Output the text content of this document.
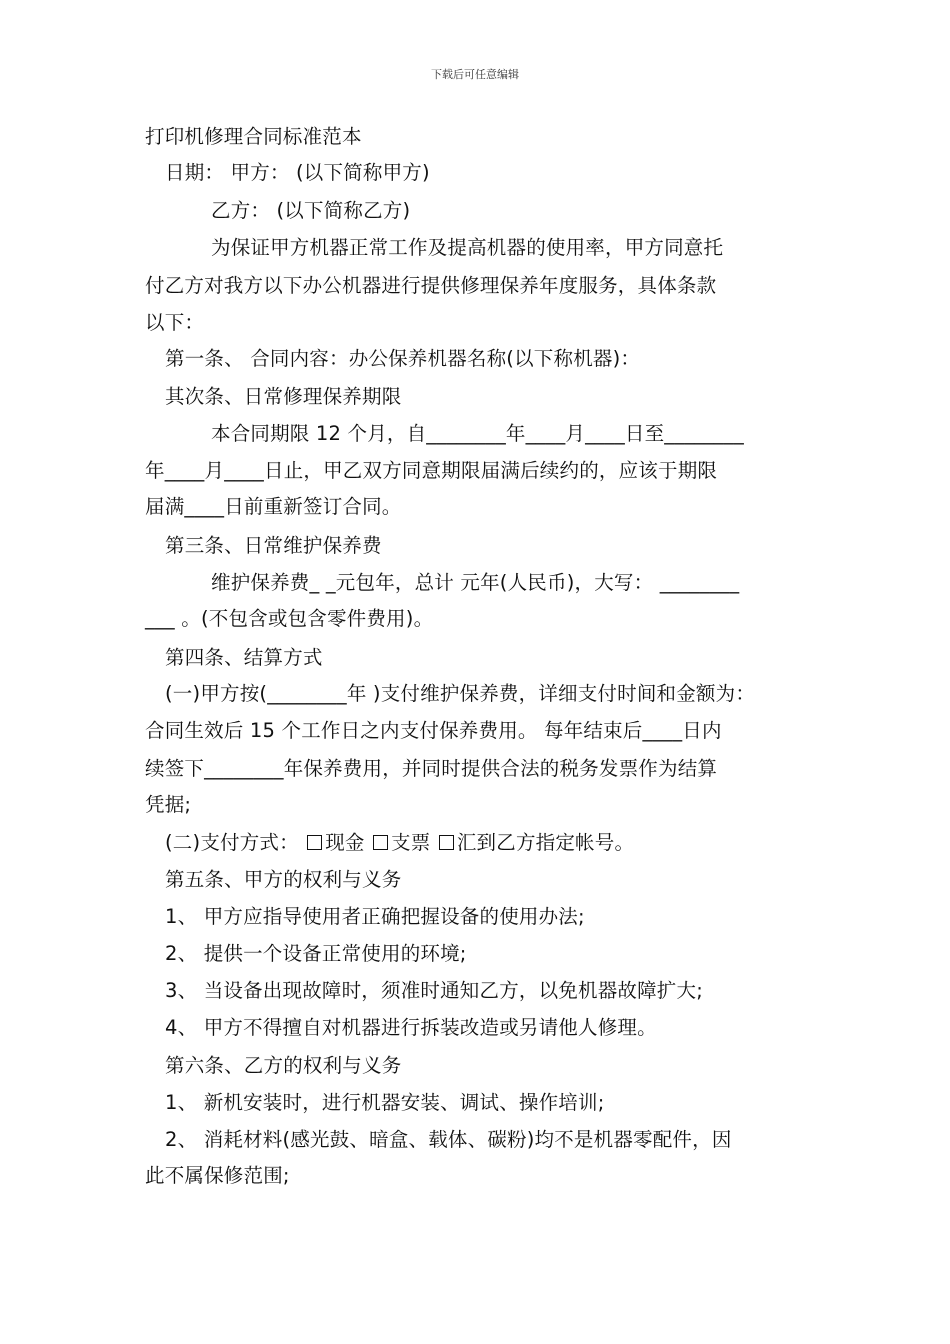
下载后可任意编辑
打印机修理合同标准范本
日期： 甲方： (以下简称甲方)
乙方： (以下简称乙方)
为保证甲方机器正常工作及提高机器的使用率，甲方同意托
付乙方对我方以下办公机器进行提供修理保养年度服务，具体条款
以下：
第一条、 合同内容：办公保养机器名称(以下称机器)：
其次条、日常修理保养期限
本合同期限 12 个月，自________年____月____日至________
年____月____日止，甲乙双方同意期限届满后续约的，应该于期限
届满____日前重新签订合同。
第三条、日常维护保养费
维护保养费_ _元包年，总计 元年(人民币)，大写： ________
___ 。(不包含或包含零件费用)。
第四条、结算方式
(一)甲方按(________年 )支付维护保养费，详细支付时间和金额为：
合同生效后 15 个工作日之内支付保养费用。 每年结束后____日内
续签下________年保养费用，并同时提供合法的税务发票作为结算
凭据;
(二)支付方式： 现金 支票 汇到乙方指定帐号。
第五条、甲方的权利与义务
1、 甲方应指导使用者正确把握设备的使用办法;
2、 提供一个设备正常使用的环境;
3、 当设备出现故障时，须准时通知乙方，以免机器故障扩大;
4、 甲方不得擅自对机器进行拆装改造或另请他人修理。
第六条、乙方的权利与义务
1、 新机安装时，进行机器安装、调试、操作培训;
2、 消耗材料(感光鼓、暗盒、载体、碳粉)均不是机器零配件，因
此不属保修范围;
